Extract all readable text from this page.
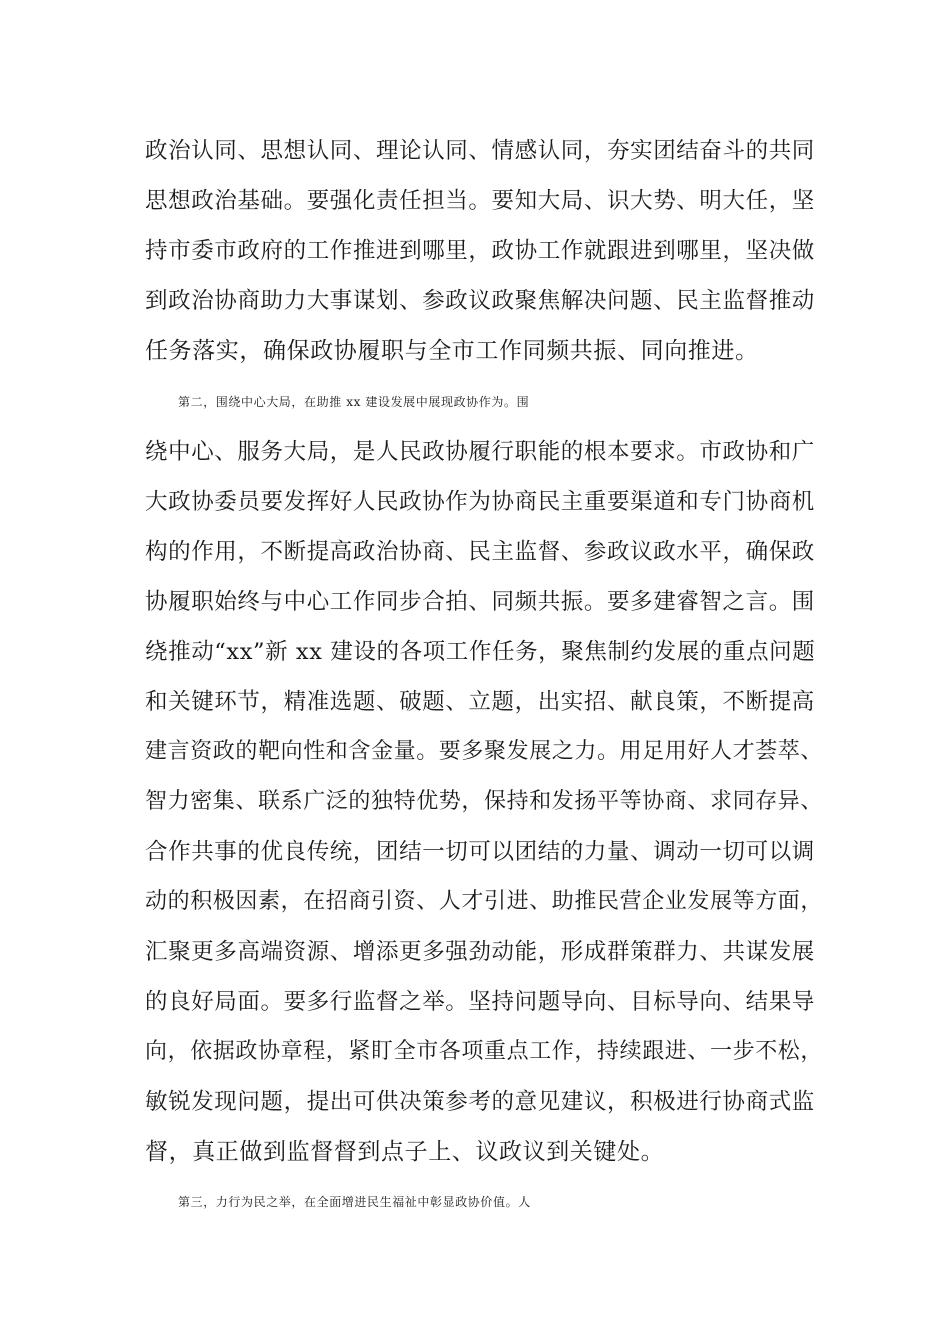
政治认同、思想认同、理论认同、情感认同，夯实团结奋斗的共同
思想政治基础。要强化责任担当。要知大局、识大势、明大任，坚
持市委市政府的工作推进到哪里，政协工作就跟进到哪里，坚决做
到政治协商助力大事谋划、参政议政聚焦解决问题、民主监督推动
任务落实，确保政协履职与全市工作同频共振、同向推进。
第二，围绕中心大局，在助推 xx 建设发展中展现政协作为。围
绕中心、服务大局，是人民政协履行职能的根本要求。市政协和广
大政协委员要发挥好人民政协作为协商民主重要渠道和专门协商机
构的作用，不断提高政治协商、民主监督、参政议政水平，确保政
协履职始终与中心工作同步合拍、同频共振。要多建睿智之言。围
绕推动“xx”新 xx 建设的各项工作任务，聚焦制约发展的重点问题
和关键环节，精准选题、破题、立题，出实招、献良策，不断提高
建言资政的靶向性和含金量。要多聚发展之力。用足用好人才荟萃、
智力密集、联系广泛的独特优势，保持和发扬平等协商、求同存异、
合作共事的优良传统，团结一切可以团结的力量、调动一切可以调
动的积极因素，在招商引资、人才引进、助推民营企业发展等方面，
汇聚更多高端资源、增添更多强劲动能，形成群策群力、共谋发展
的良好局面。要多行监督之举。坚持问题导向、目标导向、结果导
向，依据政协章程，紧盯全市各项重点工作，持续跟进、一步不松，
敏锐发现问题，提出可供决策参考的意见建议，积极进行协商式监
督，真正做到监督督到点子上、议政议到关键处。
第三，力行为民之举，在全面增进民生福祉中彰显政协价值。人
